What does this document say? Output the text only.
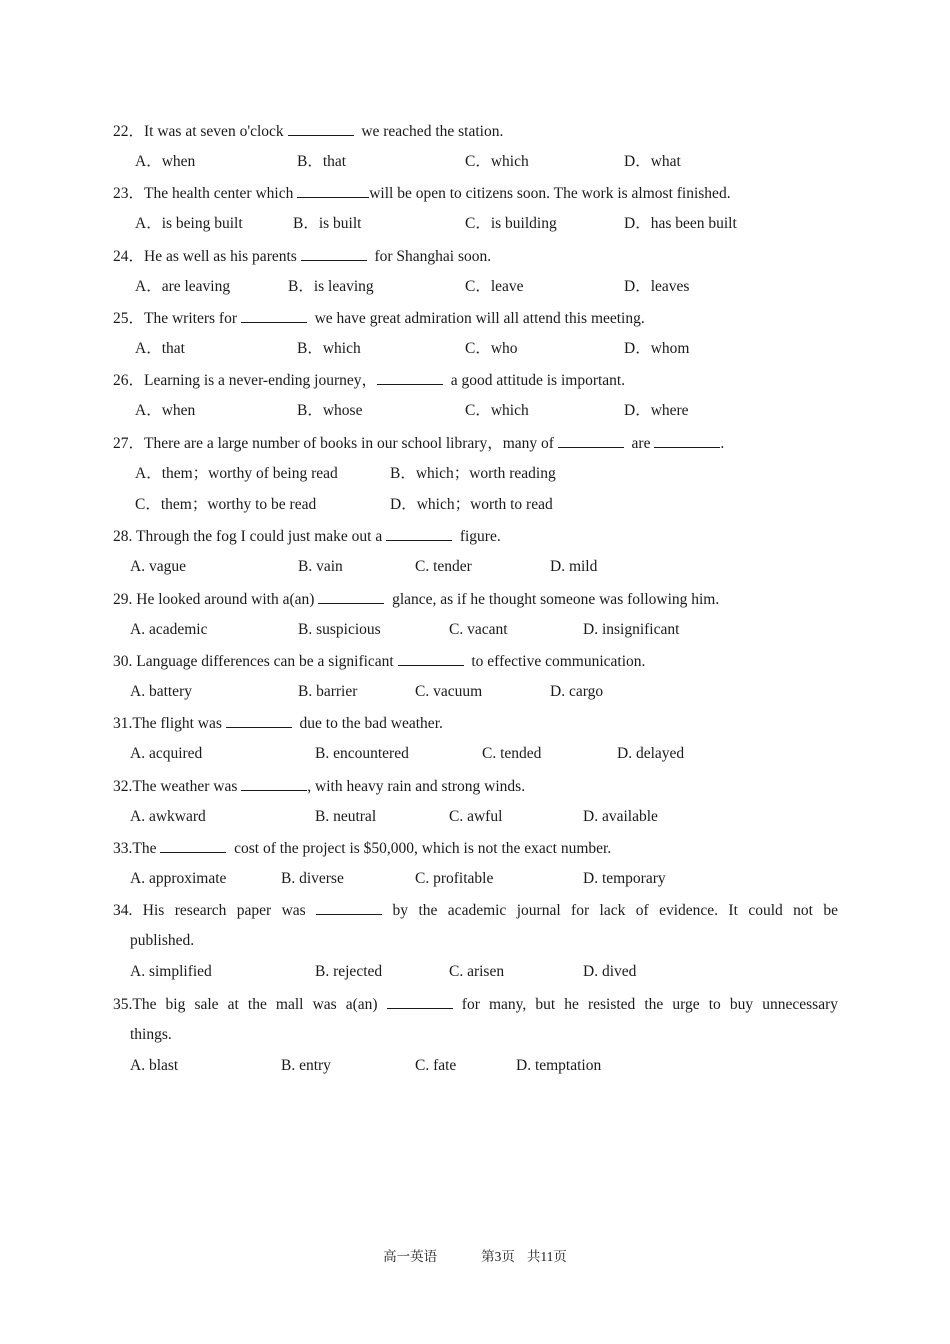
22．It was at seven o'clock	we reached the station.
A．when	B．that	C．which	D．what
23．The health center which	will be open to citizens soon. The work is almost finished.
A．is being built	B．is built	C．is building	D．has been built
24．He as well as his parents	for Shanghai soon.
A．are leaving	B．is leaving	C．leave	D．leaves
25．The writers for	we have great admiration will all attend this meeting.
A．that	B．which	C．who	D．whom
26．Learning is a never-ending journey，	a good attitude is important.
A．when	B．whose	C．which	D．where
27．There are a large number of books in our school library，many of	are	.
A．them；worthy of being read	B．which；worth reading
C．them；worthy to be read	D．which；worth to read
28. Through the fog I could just make out a	figure.
A. vague	B. vain	C. tender	D. mild
29. He looked around with a(an)	glance, as if he thought someone was following him.
A. academic	B. suspicious	C. vacant	D. insignificant
30. Language differences can be a significant	to effective communication.
A. battery	B. barrier	C. vacuum	D. cargo
31.The flight was	due to the bad weather.
A. acquired	B. encountered	C. tended	D. delayed
32.The weather was	, with heavy rain and strong winds.
A. awkward	B. neutral	C. awful	D. available
33.The	cost of the project is $50,000, which is not the exact number.
A. approximate	B. diverse	C. profitable	D. temporary
34. His research paper was	by the academic journal for lack of evidence. It could not be
published.
A. simplified	B. rejected	C. arisen	D. dived
35.The big sale at the mall was a(an)	for many, but he resisted the urge to buy unnecessary
things.
A. blast	B. entry	C. fate	D. temptation
高一英语	第3页 共11页
